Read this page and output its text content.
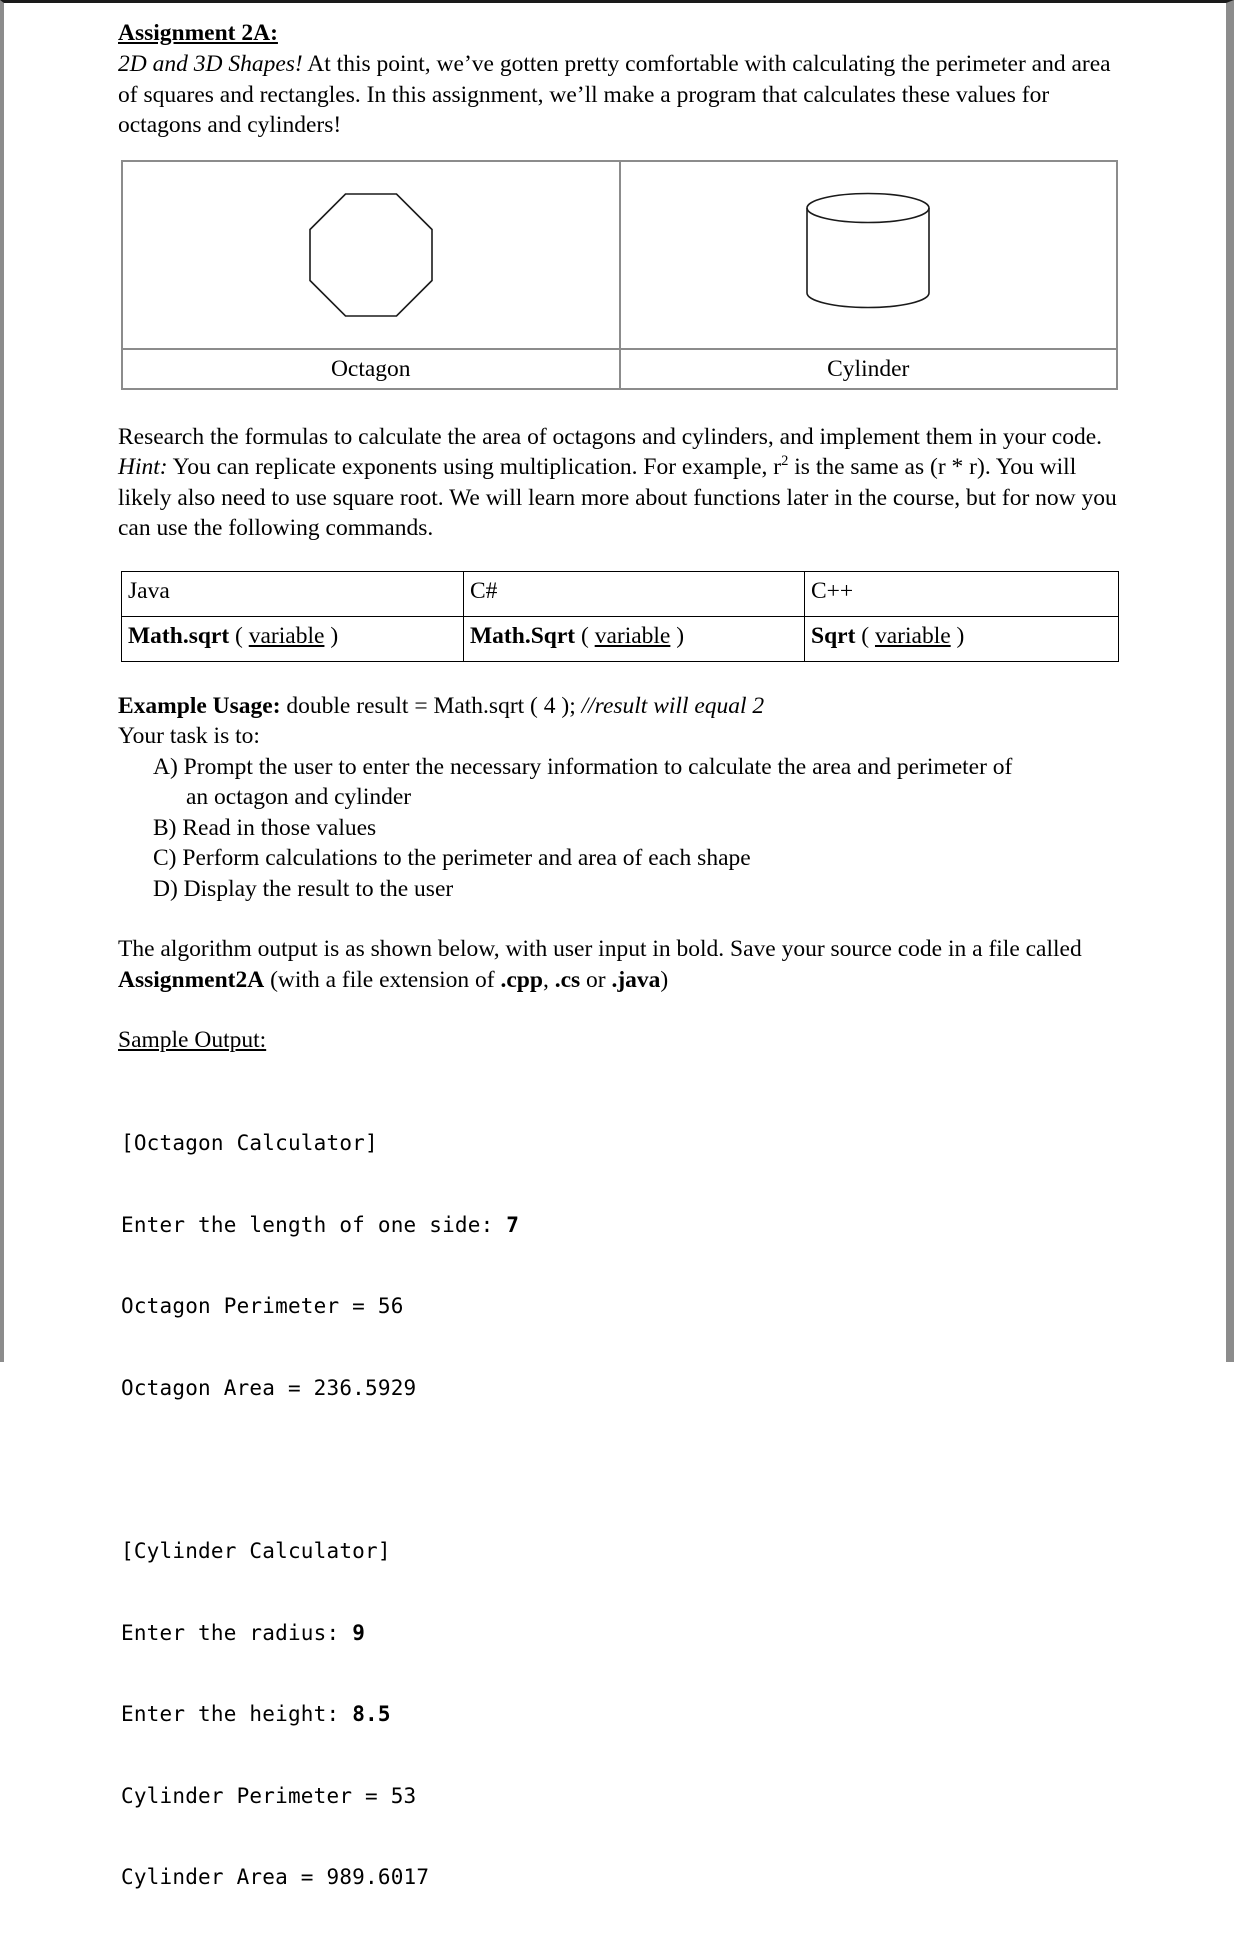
Assignment 2A:

2D and 3D Shapes! At this point, we’ve gotten pretty comfortable with calculating the perimeter and area of squares and rectangles. In this assignment, we’ll make a program that calculates these values for octagons and cylinders!

Octagon	Cylinder

Research the formulas to calculate the area of octagons and cylinders, and implement them in your code.

Hint: You can replicate exponents using multiplication. For example, $r^2$ is the same as (r * r). You will likely also need to use square root. We will learn more about functions later in the course, but for now you can use the following commands.

Java	C#	C++
Math.sqrt ( variable )	Math.Sqrt ( variable )	Sqrt ( variable )

Example Usage: double result = Math.sqrt ( 4 ); //result will equal 2

Your task is to:

A) Prompt the user to enter the necessary information to calculate the area and perimeter of
an octagon and cylinder
B) Read in those values
C) Perform calculations to the perimeter and area of each shape
D) Display the result to the user

The algorithm output is as shown below, with user input in bold. Save your source code in a file called Assignment2A (with a file extension of .cpp, .cs or .java)

Sample Output:

[Octagon Calculator]

Enter the length of one side: 7

Octagon Perimeter = 56

Octagon Area = 236.5929

[Cylinder Calculator]

Enter the radius: 9

Enter the height: 8.5

Cylinder Perimeter = 53

Cylinder Area = 989.6017
